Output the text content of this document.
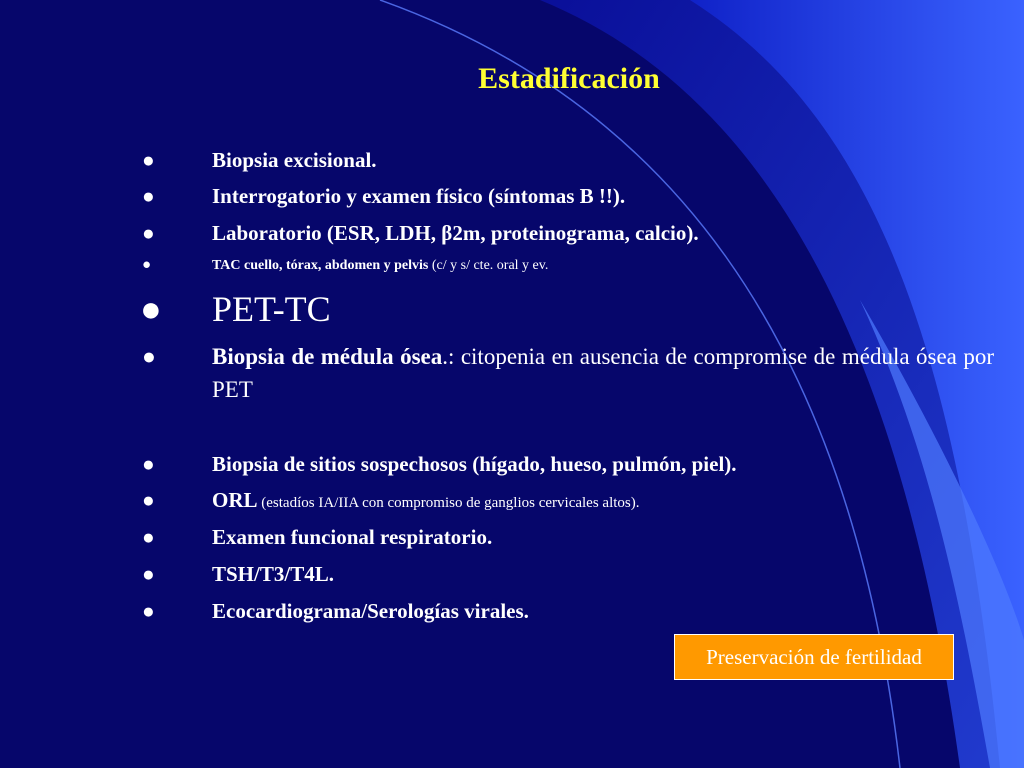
Estadificación
●	Biopsia excisional.
●	Interrogatorio y examen físico (síntomas B !!).
●	Laboratorio (ESR, LDH, β2m, proteinograma, calcio).
●	TAC cuello, tórax, abdomen y pelvis (c/ y s/ cte. oral y ev.
● PET-TC
● Biopsia de médula ósea.: citopenia en ausencia de compromise de médula ósea por PET
●	Biopsia de sitios sospechosos (hígado, hueso, pulmón, piel).
●	ORL (estadíos IA/IIA con compromiso de ganglios cervicales altos).
●	Examen funcional respiratorio.
●	TSH/T3/T4L.
●	Ecocardiograma/Serologías virales.
Preservación de fertilidad
